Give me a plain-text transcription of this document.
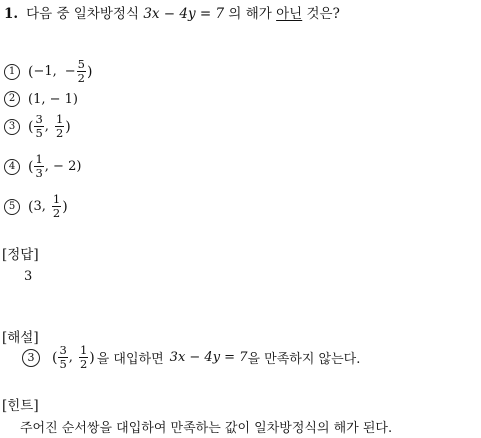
1. 다음 중 일차방정식 3x − 4y = 7 의 해가 아닌 것은?
1 ( −1, − $\frac{5}{2}$ )
2 (1, − 1)
3 ( $\frac{3}{5}$ , $\frac{1}{2}$ )
4 ( $\frac{1}{3}$ , − 2)
5 ( 3, $\frac{1}{2}$ )
[정답]
3
[해설]
3	( $\frac{3}{5}$ , $\frac{1}{2}$ ) 을 대입하면 3x − 4y = 7 을 만족하지 않는다.
[힌트]
주어진 순서쌍을 대입하여 만족하는 값이 일차방정식의 해가 된다.
